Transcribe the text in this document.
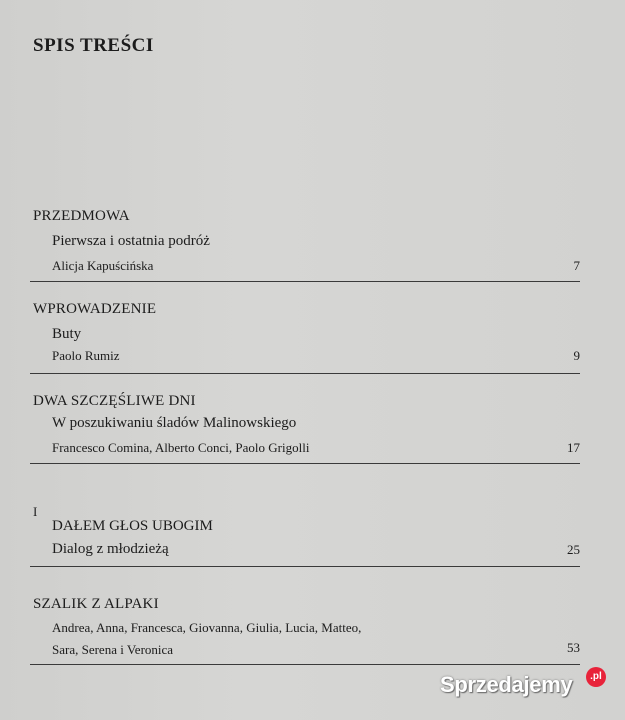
SPIS TREŚCI
PRZEDMOWA
Pierwsza i ostatnia podróż
Alicja Kapuścińska	7
WPROWADZENIE
Buty
Paolo Rumiz	9
DWA SZCZĘŚLIWE DNI
W poszukiwaniu śladów Malinowskiego
Francesco Comina, Alberto Conci, Paolo Grigolli	17
I
DAŁEM GŁOS UBOGIM
Dialog z młodzieżą	25
SZALIK Z ALPAKI
Andrea, Anna, Francesca, Giovanna, Giulia, Lucia, Matteo,
Sara, Serena i Veronica	53
Sprzedajemy	.pl
